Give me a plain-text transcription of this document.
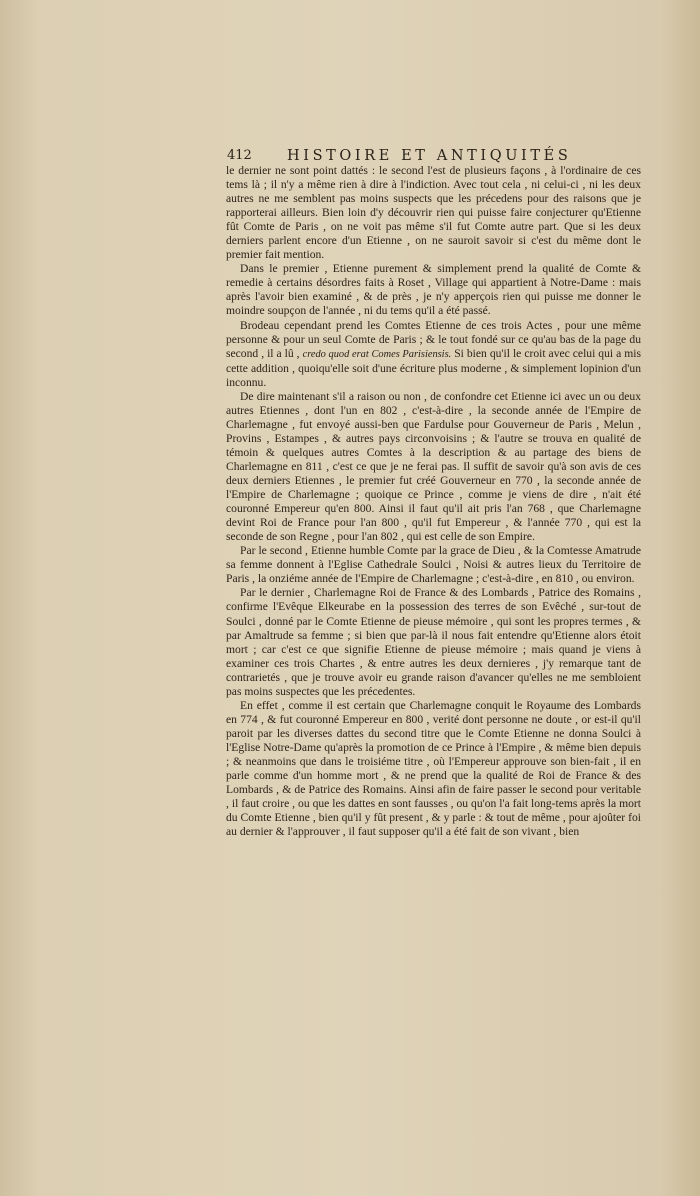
412 HISTOIRE ET ANTIQUITÉS

le dernier ne sont point dattés : le second l'est de plusieurs façons , à l'ordinaire de ces tems là ; il n'y a même rien à dire à l'indiction. Avec tout cela , ni celui-ci , ni les deux autres ne me semblent pas moins suspects que les précedens pour des raisons que je rapporterai ailleurs. Bien loin d'y découvrir rien qui puisse faire conjecturer qu'Etienne fût Comte de Paris , on ne voit pas même s'il fut Comte autre part. Que si les deux derniers parlent encore d'un Etienne , on ne sauroit savoir si c'est du même dont le premier fait mention.

Dans le premier , Etienne purement & simplement prend la qualité de Comte & remedie à certains désordres faits à Roset , Village qui appartient à Notre-Dame : mais après l'avoir bien examiné , & de près , je n'y apperçois rien qui puisse me donner le moindre soupçon de l'année , ni du tems qu'il a été passé.

Brodeau cependant prend les Comtes Etienne de ces trois Actes , pour une même personne & pour un seul Comte de Paris ; & le tout fondé sur ce qu'au bas de la page du second , il a lû , credo quod erat Comes Parisiensis. Si bien qu'il le croit avec celui qui a mis cette addition , quoiqu'elle soit d'une écriture plus moderne , & simplement lopinion d'un inconnu.

De dire maintenant s'il a raison ou non , de confondre cet Etienne ici avec un ou deux autres Etiennes , dont l'un en 802 , c'est-à-dire , la seconde année de l'Empire de Charlemagne , fut envoyé aussi-ben que Fardulse pour Gouverneur de Paris , Melun , Provins , Estampes , & autres pays circonvoisins ; & l'autre se trouva en qualité de témoin & quelques autres Comtes à la description & au partage des biens de Charlemagne en 811 , c'est ce que je ne ferai pas. Il suffit de savoir qu'à son avis de ces deux derniers Etiennes , le premier fut créé Gouverneur en 770 , la seconde année de l'Empire de Charlemagne ; quoique ce Prince , comme je viens de dire , n'ait été couronné Empereur qu'en 800. Ainsi il faut qu'il ait pris l'an 768 , que Charlemagne devint Roi de France pour l'an 800 , qu'il fut Empereur , & l'année 770 , qui est la seconde de son Regne , pour l'an 802 , qui est celle de son Empire.

Par le second , Etienne humble Comte par la grace de Dieu , & la Comtesse Amatrude sa femme donnent à l'Eglise Cathedrale Soulci , Noisi & autres lieux du Territoire de Paris , la onziéme année de l'Empire de Charlemagne ; c'est-à-dire , en 810 , ou environ.

Par le dernier , Charlemagne Roi de France & des Lombards , Patrice des Romains , confirme l'Evêque Elkeurabe en la possession des terres de son Evêché , sur-tout de Soulci , donné par le Comte Etienne de pieuse mémoire , qui sont les propres termes , & par Amaltrude sa femme ; si bien que par-là il nous fait entendre qu'Etienne alors étoit mort ; car c'est ce que signifie Etienne de pieuse mémoire ; mais quand je viens à examiner ces trois Chartes , & entre autres les deux dernieres , j'y remarque tant de contrarietés , que je trouve avoir eu grande raison d'avancer qu'elles ne me sembloient pas moins suspectes que les précedentes.

En effet , comme il est certain que Charlemagne conquit le Royaume des Lombards en 774 , & fut couronné Empereur en 800 , verité dont personne ne doute , or est-il qu'il paroit par les diverses dattes du second titre que le Comte Etienne ne donna Soulci à l'Eglise Notre-Dame qu'après la promotion de ce Prince à l'Empire , & même bien depuis ; & neanmoins que dans le troisiéme titre , où l'Empereur approuve son bien-fait , il en parle comme d'un homme mort , & ne prend que la qualité de Roi de France & des Lombards , & de Patrice des Romains. Ainsi afin de faire passer le second pour veritable , il faut croire , ou que les dattes en sont fausses , ou qu'on l'a fait long-tems après la mort du Comte Etienne , bien qu'il y fût present , & y parle : & tout de même , pour ajoûter foi au dernier & l'approuver , il faut supposer qu'il a été fait de son vivant , bien
